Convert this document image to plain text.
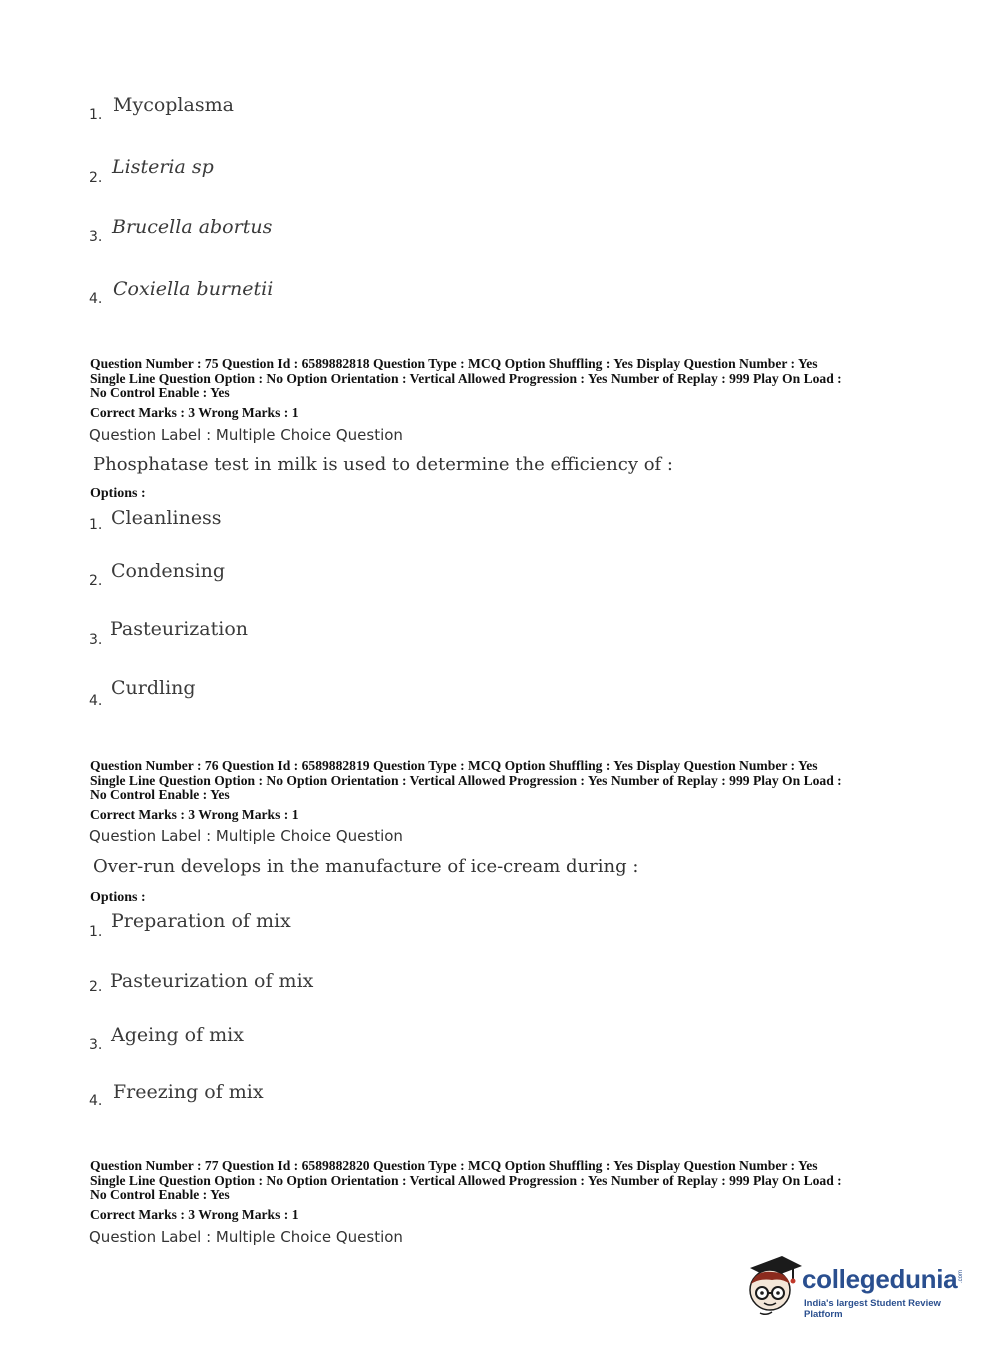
1. Mycoplasma
2. Listeria sp
3. Brucella abortus
4. Coxiella burnetii
Question Number : 75 Question Id : 6589882818 Question Type : MCQ Option Shuffling : Yes Display Question Number : Yes
Single Line Question Option : No Option Orientation : Vertical Allowed Progression : Yes Number of Replay : 999 Play On Load :
No Control Enable : Yes
Correct Marks : 3 Wrong Marks : 1
Question Label : Multiple Choice Question
Phosphatase test in milk is used to determine the efficiency of :
Options :
1. Cleanliness
2. Condensing
3. Pasteurization
4.
Curdling
Question Number : 76 Question Id : 6589882819 Question Type : MCQ Option Shuffling : Yes Display Question Number : Yes
Single Line Question Option : No Option Orientation : Vertical Allowed Progression : Yes Number of Replay : 999 Play On Load :
No Control Enable : Yes
Correct Marks : 3 Wrong Marks : 1
Question Label : Multiple Choice Question
Over-run develops in the manufacture of ice-cream during :
Options :
1. Preparation of mix
2. Pasteurization of mix
3. Ageing of mix
4. Freezing of mix
Question Number : 77 Question Id : 6589882820 Question Type : MCQ Option Shuffling : Yes Display Question Number : Yes
Single Line Question Option : No Option Orientation : Vertical Allowed Progression : Yes Number of Replay : 999 Play On Load :
No Control Enable : Yes
Correct Marks : 3 Wrong Marks : 1
Question Label : Multiple Choice Question
collegedunia .com
India's largest Student Review Platform
